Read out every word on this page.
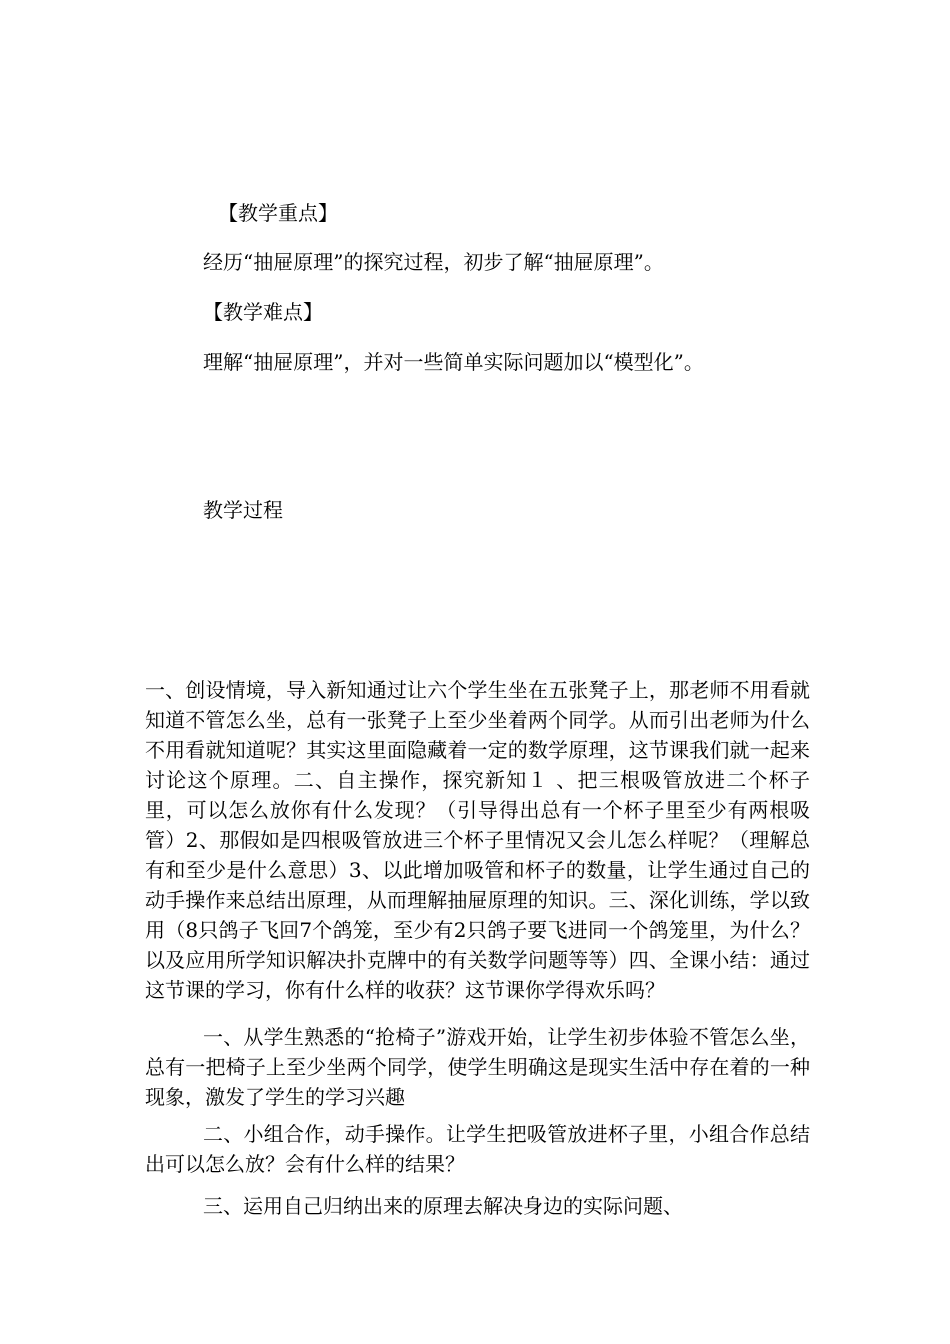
【教学重点】
经历“抽屉原理”的探究过程，初步了解“抽屉原理”。
【教学难点】
理解“抽屉原理”，并对一些简单实际问题加以“模型化”。
教学过程

一、创设情境，导入新知通过让六个学生坐在五张凳子上，那老师不用看就知道不管怎么坐，总有一张凳子上至少坐着两个同学。从而引出老师为什么不用看就知道呢？其实这里面隐藏着一定的数学原理，这节课我们就一起来讨论这个原理。二、自主操作，探究新知１ 、把三根吸管放进二个杯子里，可以怎么放你有什么发现？（引导得出总有一个杯子里至少有两根吸管）2、那假如是四根吸管放进三个杯子里情况又会儿怎么样呢？（理解总有和至少是什么意思）3、以此增加吸管和杯子的数量，让学生通过自己的动手操作来总结出原理，从而理解抽屉原理的知识。三、深化训练，学以致用（8只鸽子飞回7个鸽笼，至少有2只鸽子要飞进同一个鸽笼里，为什么？以及应用所学知识解决扑克牌中的有关数学问题等等）四、全课小结：通过这节课的学习，你有什么样的收获？这节课你学得欢乐吗？

一、从学生熟悉的“抢椅子”游戏开始，让学生初步体验不管怎么坐，总有一把椅子上至少坐两个同学，使学生明确这是现实生活中存在着的一种现象，激发了学生的学习兴趣

二、小组合作，动手操作。让学生把吸管放进杯子里，小组合作总结出可以怎么放？会有什么样的结果？

三、运用自己归纳出来的原理去解决身边的实际问题、
